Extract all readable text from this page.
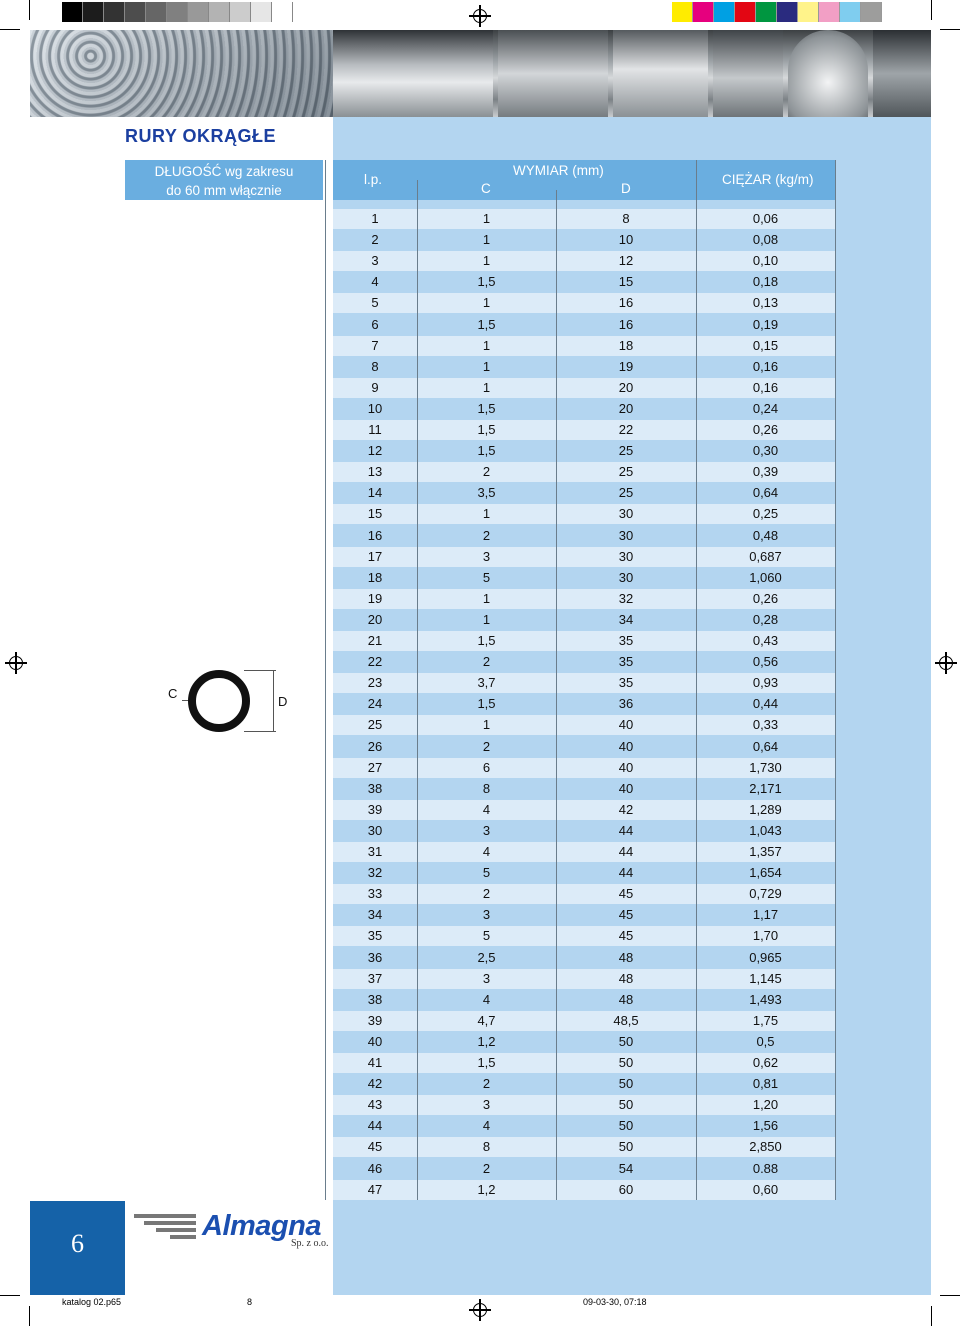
RURY OKRĄGŁE
DŁUGOŚĆ wg zakresu
do 60 mm włącznie
l.p.
WYMIAR (mm)
C	D
CIĘŻAR (kg/m)
1	1	8	0,06
2	1	10	0,08
3	1	12	0,10
4	1,5	15	0,18
5	1	16	0,13
6	1,5	16	0,19
7	1	18	0,15
8	1	19	0,16
9	1	20	0,16
10	1,5	20	0,24
11	1,5	22	0,26
12	1,5	25	0,30
13	2	25	0,39
14	3,5	25	0,64
15	1	30	0,25
16	2	30	0,48
17	3	30	0,687
18	5	30	1,060
19	1	32	0,26
20	1	34	0,28
21	1,5	35	0,43
22	2	35	0,56
23	3,7	35	0,93
24	1,5	36	0,44
25	1	40	0,33
26	2	40	0,64
27	6	40	1,730
38	8	40	2,171
39	4	42	1,289
30	3	44	1,043
31	4	44	1,357
32	5	44	1,654
33	2	45	0,729
34	3	45	1,17
35	5	45	1,70
36	2,5	48	0,965
37	3	48	1,145
38	4	48	1,493
39	4,7	48,5	1,75
40	1,2	50	0,5
41	1,5	50	0,62
42	2	50	0,81
43	3	50	1,20
44	4	50	1,56
45	8	50	2,850
46	2	54	0.88
47	1,2	60	0,60
C
D
6
Almagna
Sp. z o.o.
katalog 02.p65	8	09-03-30, 07:18
